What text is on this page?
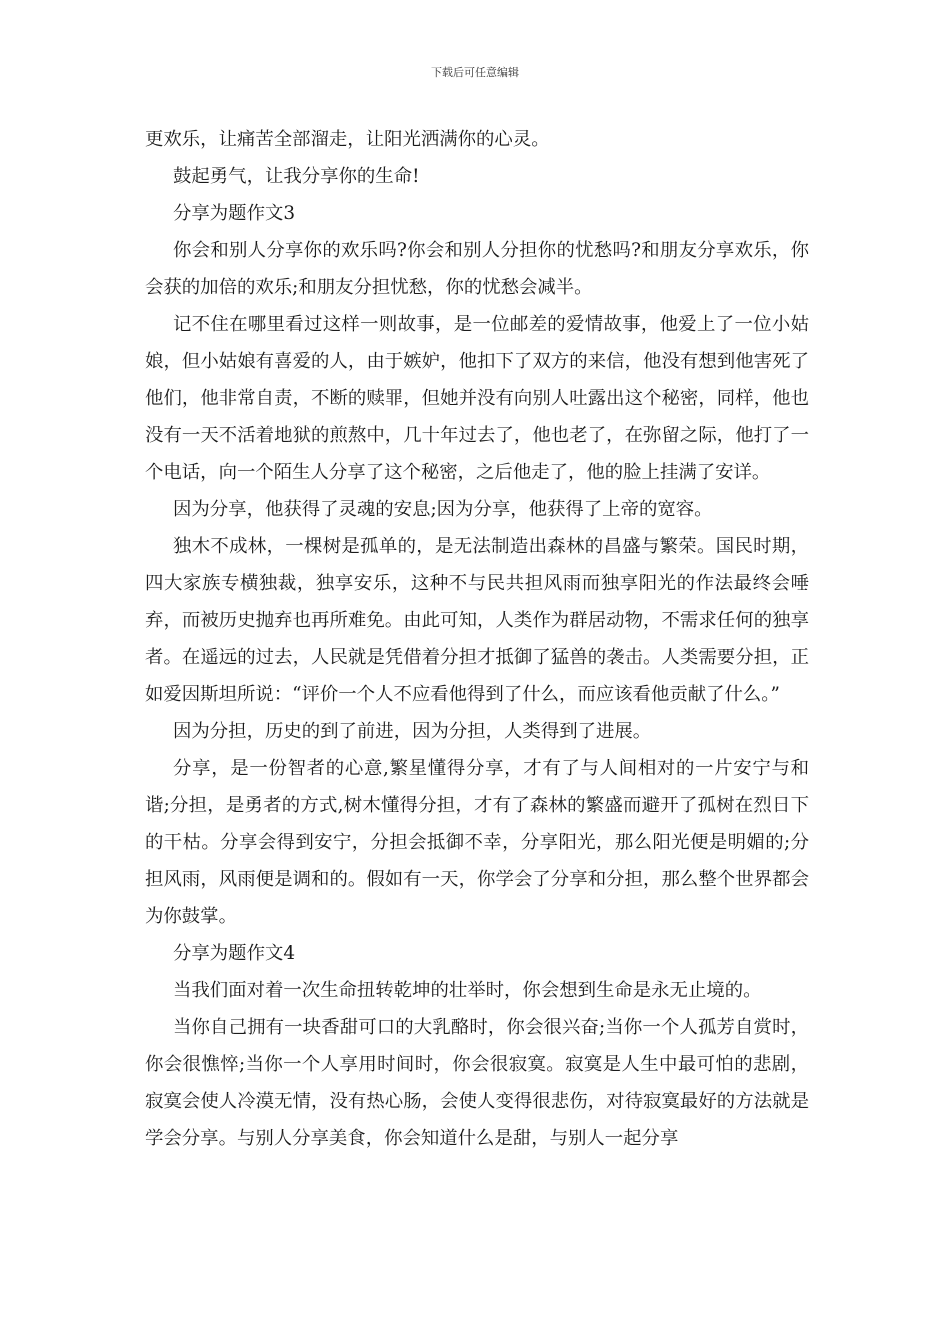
下载后可任意编辑

更欢乐，让痛苦全部溜走，让阳光洒满你的心灵。

鼓起勇气，让我分享你的生命!

分享为题作文3

你会和别人分享你的欢乐吗?你会和别人分担你的忧愁吗?和朋友分享欢乐，你会获的加倍的欢乐;和朋友分担忧愁，你的忧愁会减半。

记不住在哪里看过这样一则故事，是一位邮差的爱情故事，他爱上了一位小姑娘，但小姑娘有喜爱的人，由于嫉妒，他扣下了双方的来信，他没有想到他害死了他们，他非常自责，不断的赎罪，但她并没有向别人吐露出这个秘密，同样，他也没有一天不活着地狱的煎熬中，几十年过去了，他也老了，在弥留之际，他打了一个电话，向一个陌生人分享了这个秘密，之后他走了，他的脸上挂满了安详。

因为分享，他获得了灵魂的安息;因为分享，他获得了上帝的宽容。

独木不成林，一棵树是孤单的，是无法制造出森林的昌盛与繁荣。国民时期，四大家族专横独裁，独享安乐，这种不与民共担风雨而独享阳光的作法最终会唾弃，而被历史抛弃也再所难免。由此可知，人类作为群居动物，不需求任何的独享者。在遥远的过去，人民就是凭借着分担才抵御了猛兽的袭击。人类需要分担，正如爱因斯坦所说：“评价一个人不应看他得到了什么，而应该看他贡献了什么。”

因为分担，历史的到了前进，因为分担，人类得到了进展。

分享，是一份智者的心意,繁星懂得分享，才有了与人间相对的一片安宁与和谐;分担，是勇者的方式,树木懂得分担，才有了森林的繁盛而避开了孤树在烈日下的干枯。分享会得到安宁，分担会抵御不幸，分享阳光，那么阳光便是明媚的;分担风雨，风雨便是调和的。假如有一天，你学会了分享和分担，那么整个世界都会为你鼓掌。

分享为题作文4

当我们面对着一次生命扭转乾坤的壮举时，你会想到生命是永无止境的。

当你自己拥有一块香甜可口的大乳酪时，你会很兴奋;当你一个人孤芳自赏时，你会很憔悴;当你一个人享用时间时，你会很寂寞。寂寞是人生中最可怕的悲剧，寂寞会使人冷漠无情，没有热心肠，会使人变得很悲伤，对待寂寞最好的方法就是学会分享。与别人分享美食，你会知道什么是甜，与别人一起分享
